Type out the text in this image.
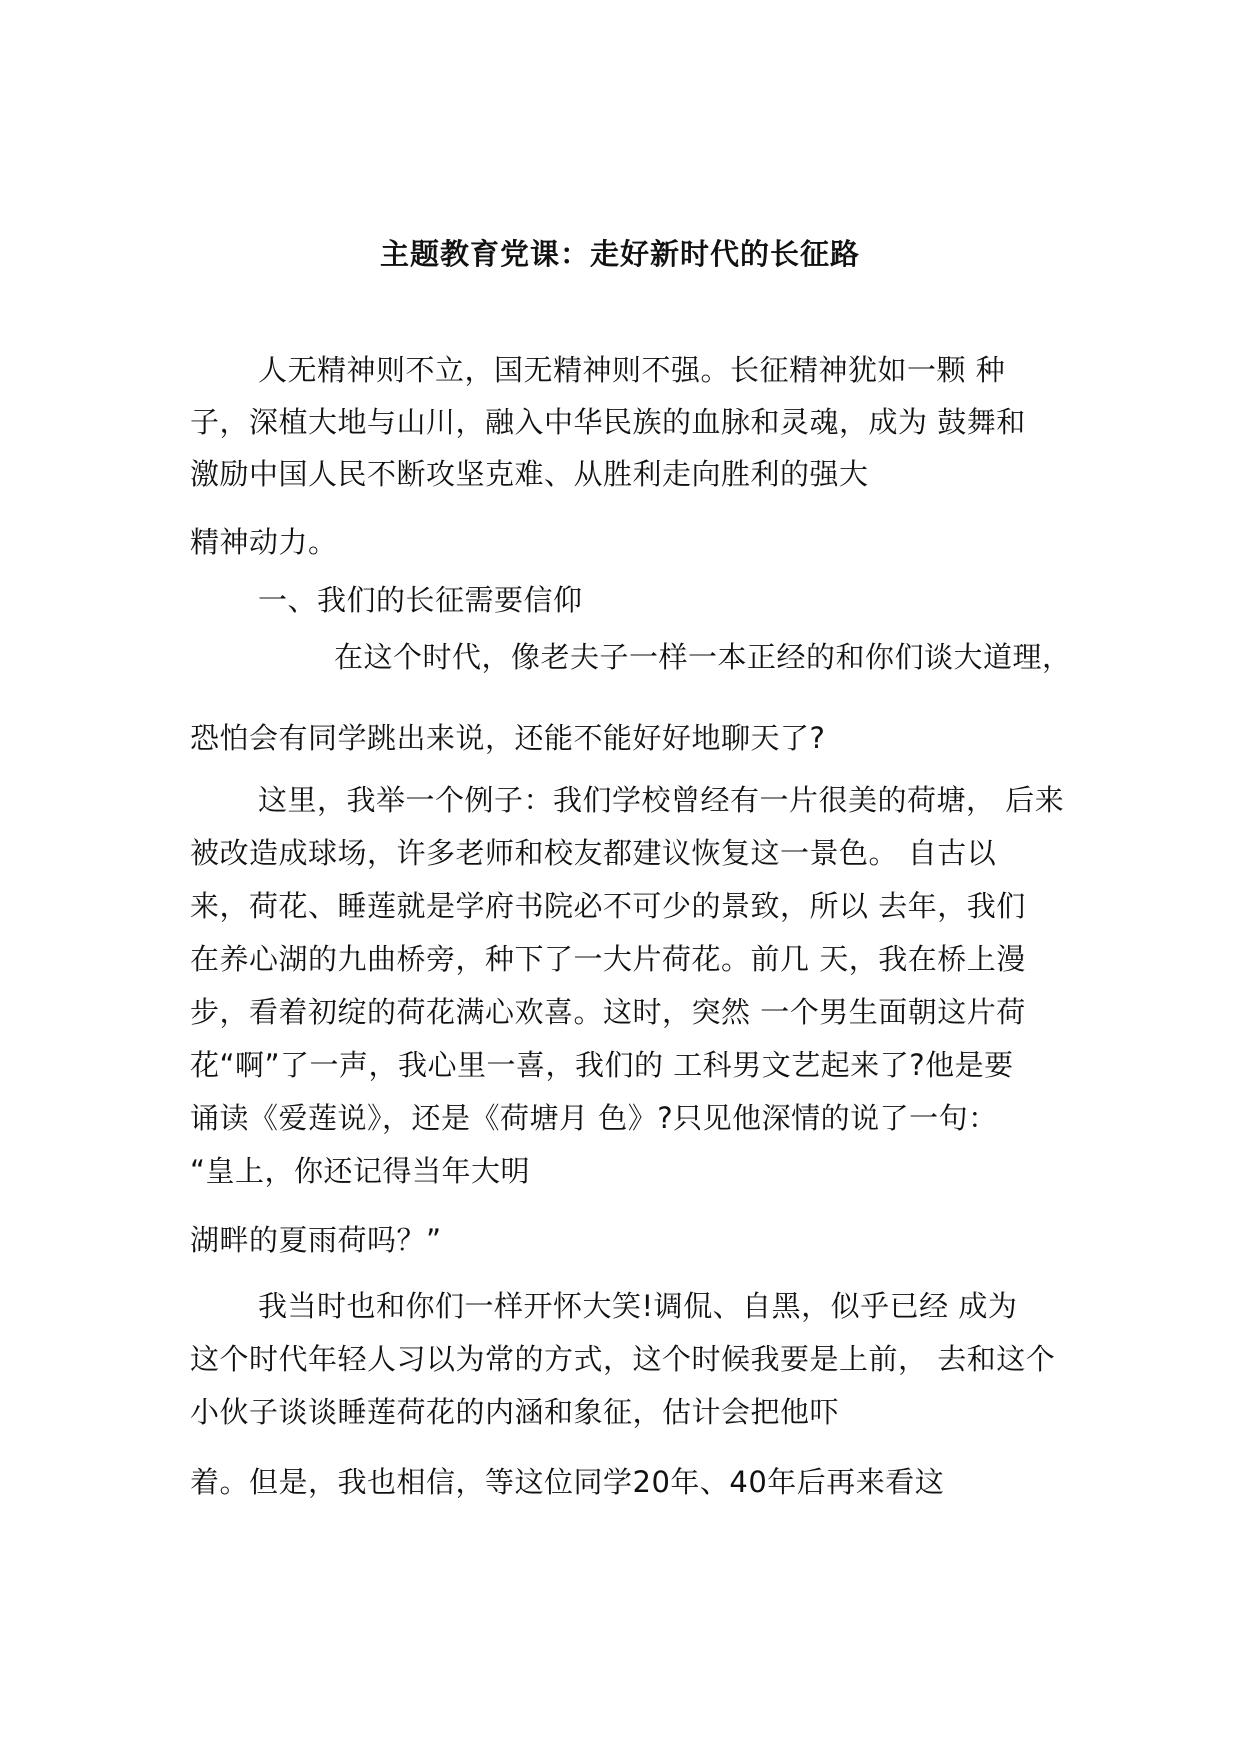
主题教育党课：走好新时代的长征路
人无精神则不立，国无精神则不强。长征精神犹如一颗 种
子，深植大地与山川，融入中华民族的血脉和灵魂，成为 鼓舞和
激励中国人民不断攻坚克难、从胜利走向胜利的强大
精神动力。
一、我们的长征需要信仰
在这个时代，像老夫子一样一本正经的和你们谈大道理，
恐怕会有同学跳出来说，还能不能好好地聊天了?
这里，我举一个例子：我们学校曾经有一片很美的荷塘， 后来
被改造成球场，许多老师和校友都建议恢复这一景色。 自古以
来，荷花、睡莲就是学府书院必不可少的景致，所以 去年，我们
在养心湖的九曲桥旁，种下了一大片荷花。前几 天，我在桥上漫
步，看着初绽的荷花满心欢喜。这时，突然 一个男生面朝这片荷
花“啊”了一声，我心里一喜，我们的 工科男文艺起来了?他是要
诵读《爱莲说》，还是《荷塘月 色》?只见他深情的说了一句：
“皇上，你还记得当年大明
湖畔的夏雨荷吗？”
我当时也和你们一样开怀大笑!调侃、自黑，似乎已经 成为
这个时代年轻人习以为常的方式，这个时候我要是上前， 去和这个
小伙子谈谈睡莲荷花的内涵和象征，估计会把他吓
着。但是，我也相信，等这位同学20年、40年后再来看这
